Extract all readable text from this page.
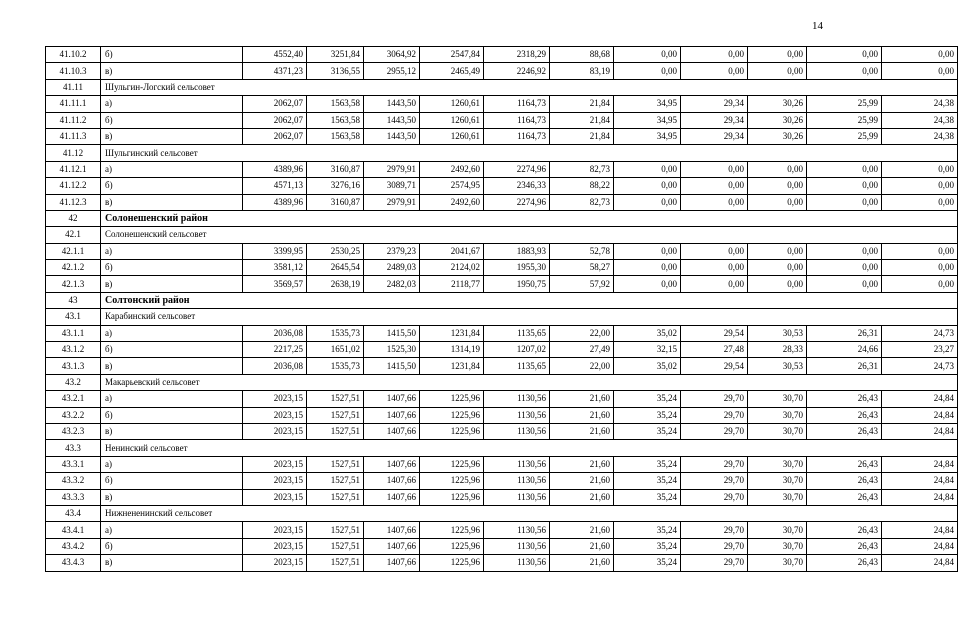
14
41.10.2	б)	4552,40	3251,84	3064,92	2547,84	2318,29	88,68	0,00	0,00	0,00	0,00	0,00
41.10.3	в)	4371,23	3136,55	2955,12	2465,49	2246,92	83,19	0,00	0,00	0,00	0,00	0,00
41.11	Шульгин-Логский сельсовет											
41.11.1	а)	2062,07	1563,58	1443,50	1260,61	1164,73	21,84	34,95	29,34	30,26	25,99	24,38
41.11.2	б)	2062,07	1563,58	1443,50	1260,61	1164,73	21,84	34,95	29,34	30,26	25,99	24,38
41.11.3	в)	2062,07	1563,58	1443,50	1260,61	1164,73	21,84	34,95	29,34	30,26	25,99	24,38
41.12	Шульгинский сельсовет											
41.12.1	а)	4389,96	3160,87	2979,91	2492,60	2274,96	82,73	0,00	0,00	0,00	0,00	0,00
41.12.2	б)	4571,13	3276,16	3089,71	2574,95	2346,33	88,22	0,00	0,00	0,00	0,00	0,00
41.12.3	в)	4389,96	3160,87	2979,91	2492,60	2274,96	82,73	0,00	0,00	0,00	0,00	0,00
42	Солонешенский район											
42.1	Солонешенский сельсовет											
42.1.1	а)	3399,95	2530,25	2379,23	2041,67	1883,93	52,78	0,00	0,00	0,00	0,00	0,00
42.1.2	б)	3581,12	2645,54	2489,03	2124,02	1955,30	58,27	0,00	0,00	0,00	0,00	0,00
42.1.3	в)	3569,57	2638,19	2482,03	2118,77	1950,75	57,92	0,00	0,00	0,00	0,00	0,00
43	Солтонский район											
43.1	Карабинский сельсовет											
43.1.1	а)	2036,08	1535,73	1415,50	1231,84	1135,65	22,00	35,02	29,54	30,53	26,31	24,73
43.1.2	б)	2217,25	1651,02	1525,30	1314,19	1207,02	27,49	32,15	27,48	28,33	24,66	23,27
43.1.3	в)	2036,08	1535,73	1415,50	1231,84	1135,65	22,00	35,02	29,54	30,53	26,31	24,73
43.2	Макарьевский сельсовет											
43.2.1	а)	2023,15	1527,51	1407,66	1225,96	1130,56	21,60	35,24	29,70	30,70	26,43	24,84
43.2.2	б)	2023,15	1527,51	1407,66	1225,96	1130,56	21,60	35,24	29,70	30,70	26,43	24,84
43.2.3	в)	2023,15	1527,51	1407,66	1225,96	1130,56	21,60	35,24	29,70	30,70	26,43	24,84
43.3	Ненинский сельсовет											
43.3.1	а)	2023,15	1527,51	1407,66	1225,96	1130,56	21,60	35,24	29,70	30,70	26,43	24,84
43.3.2	б)	2023,15	1527,51	1407,66	1225,96	1130,56	21,60	35,24	29,70	30,70	26,43	24,84
43.3.3	в)	2023,15	1527,51	1407,66	1225,96	1130,56	21,60	35,24	29,70	30,70	26,43	24,84
43.4	Нижнененинский сельсовет											
43.4.1	а)	2023,15	1527,51	1407,66	1225,96	1130,56	21,60	35,24	29,70	30,70	26,43	24,84
43.4.2	б)	2023,15	1527,51	1407,66	1225,96	1130,56	21,60	35,24	29,70	30,70	26,43	24,84
43.4.3	в)	2023,15	1527,51	1407,66	1225,96	1130,56	21,60	35,24	29,70	30,70	26,43	24,84
